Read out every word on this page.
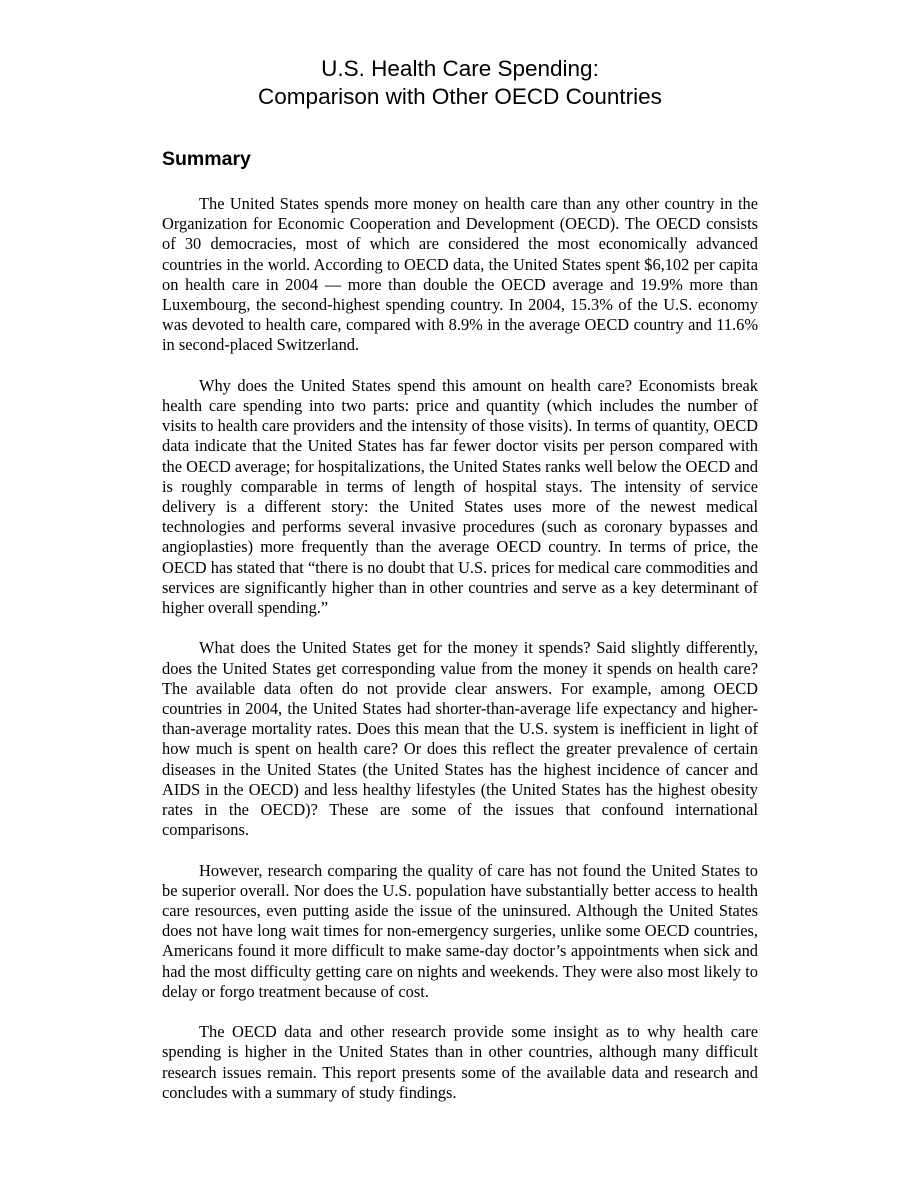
U.S. Health Care Spending:
Comparison with Other OECD Countries
Summary

The United States spends more money on health care than any other country in the Organization for Economic Cooperation and Development (OECD). The OECD consists of 30 democracies, most of which are considered the most economically advanced countries in the world. According to OECD data, the United States spent $6,102 per capita on health care in 2004 — more than double the OECD average and 19.9% more than Luxembourg, the second-highest spending country. In 2004, 15.3% of the U.S. economy was devoted to health care, compared with 8.9% in the average OECD country and 11.6% in second-placed Switzerland.

Why does the United States spend this amount on health care? Economists break health care spending into two parts: price and quantity (which includes the number of visits to health care providers and the intensity of those visits). In terms of quantity, OECD data indicate that the United States has far fewer doctor visits per person compared with the OECD average; for hospitalizations, the United States ranks well below the OECD and is roughly comparable in terms of length of hospital stays. The intensity of service delivery is a different story: the United States uses more of the newest medical technologies and performs several invasive procedures (such as coronary bypasses and angioplasties) more frequently than the average OECD country. In terms of price, the OECD has stated that “there is no doubt that U.S. prices for medical care commodities and services are significantly higher than in other countries and serve as a key determinant of higher overall spending.”

What does the United States get for the money it spends? Said slightly differently, does the United States get corresponding value from the money it spends on health care? The available data often do not provide clear answers. For example, among OECD countries in 2004, the United States had shorter-than-average life expectancy and higher-than-average mortality rates. Does this mean that the U.S. system is inefficient in light of how much is spent on health care? Or does this reflect the greater prevalence of certain diseases in the United States (the United States has the highest incidence of cancer and AIDS in the OECD) and less healthy lifestyles (the United States has the highest obesity rates in the OECD)? These are some of the issues that confound international comparisons.

However, research comparing the quality of care has not found the United States to be superior overall. Nor does the U.S. population have substantially better access to health care resources, even putting aside the issue of the uninsured. Although the United States does not have long wait times for non-emergency surgeries, unlike some OECD countries, Americans found it more difficult to make same-day doctor’s appointments when sick and had the most difficulty getting care on nights and weekends. They were also most likely to delay or forgo treatment because of cost.

The OECD data and other research provide some insight as to why health care spending is higher in the United States than in other countries, although many difficult research issues remain. This report presents some of the available data and research and concludes with a summary of study findings.
